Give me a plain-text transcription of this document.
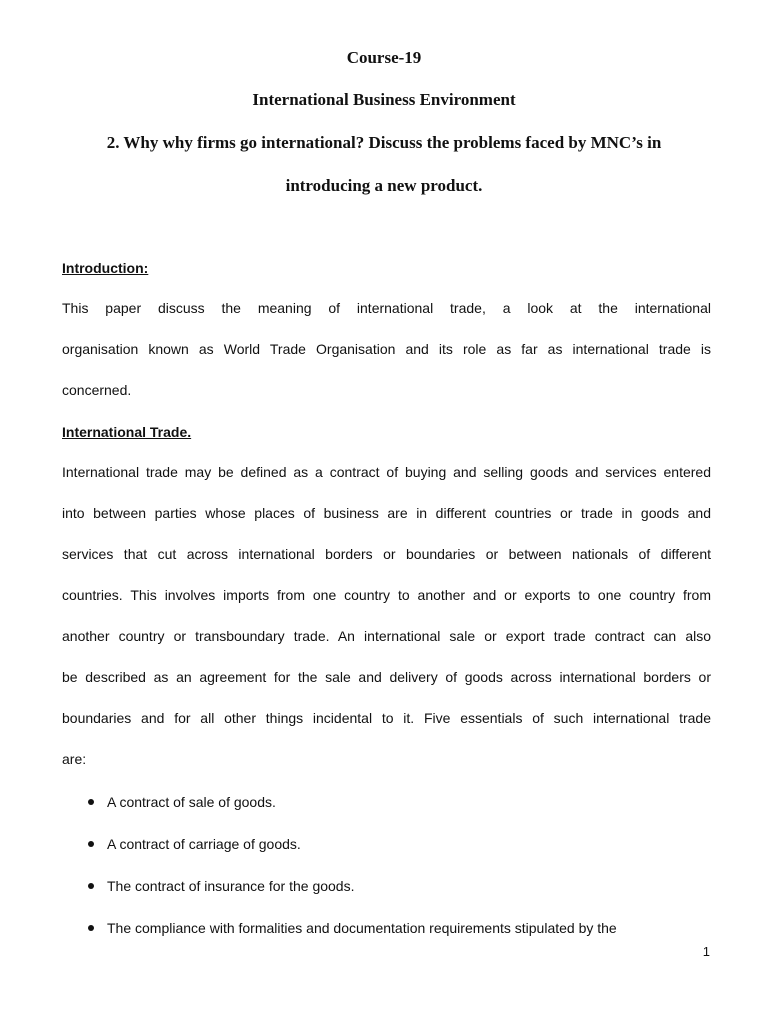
Course-19
International Business Environment
2. Why why firms go international? Discuss the problems faced by MNC’s in
introducing a new product.
Introduction:
This paper discuss the meaning of international trade, a look at the international
organisation known as World Trade Organisation and its role as far as international trade is
concerned.
International Trade.
International trade may be defined as a contract of buying and selling goods and services entered
into between parties whose places of business are in different countries or trade in goods and
services that cut across international borders or boundaries or between nationals of different
countries. This involves imports from one country to another and or exports to one country from
another country or transboundary trade. An international sale or export trade contract can also
be described as an agreement for the sale and delivery of goods across international borders or
boundaries and for all other things incidental to it. Five essentials of such international trade
are:
A contract of sale of goods.
A contract of carriage of goods.
The contract of insurance for the goods.
The compliance with formalities and documentation requirements stipulated by the
1
